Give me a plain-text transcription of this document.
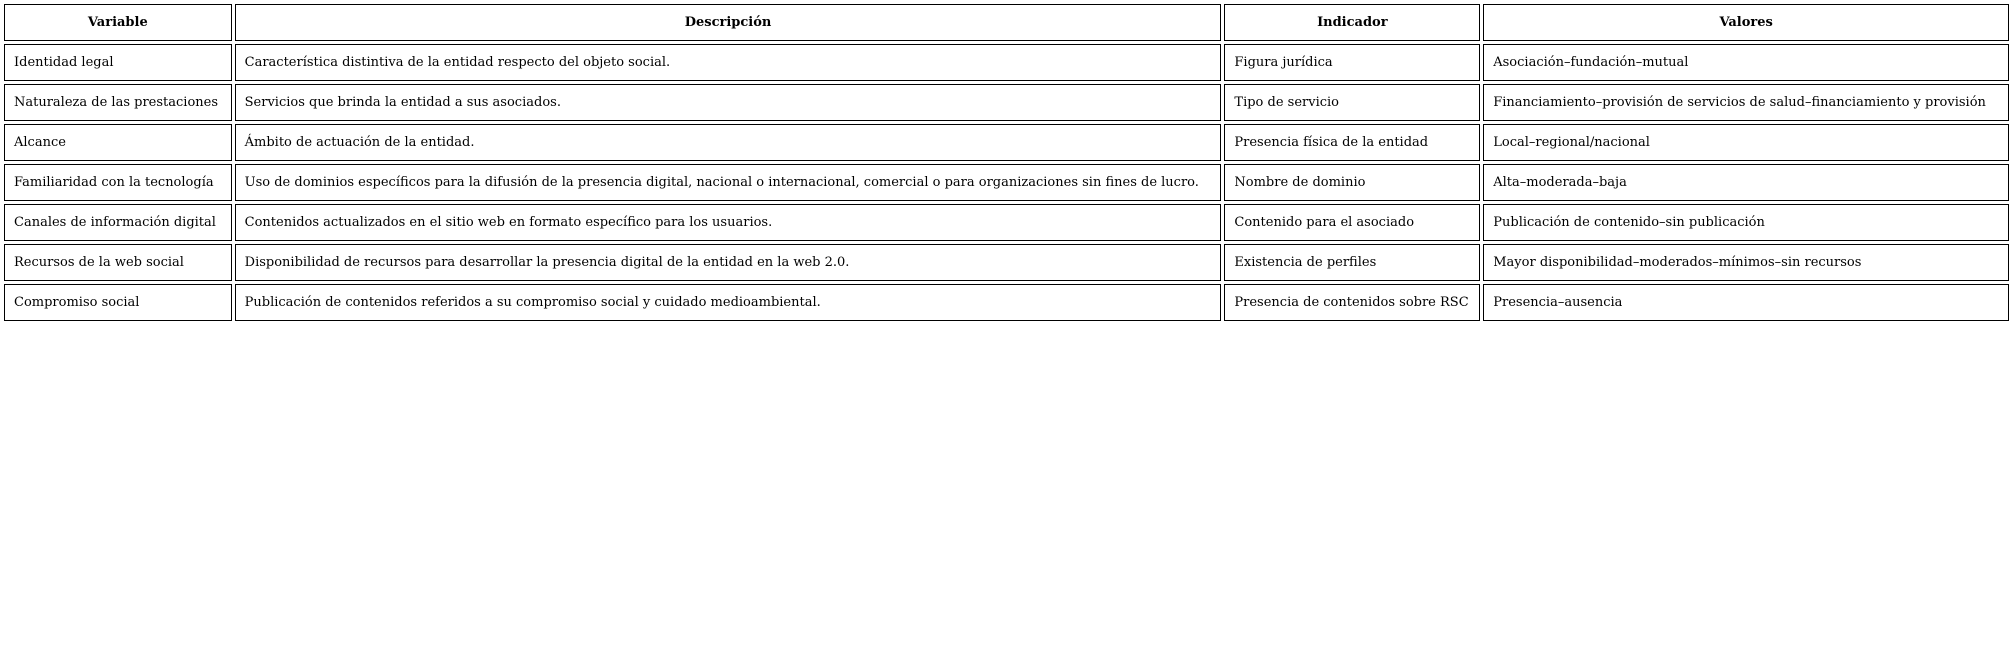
Variable	Descripción	Indicador	Valores
Identidad legal	Característica distintiva de la entidad respecto del objeto social.	Figura jurídica	Asociación–fundación–mutual
Naturaleza de las prestaciones	Servicios que brinda la entidad a sus asociados.	Tipo de servicio	Financiamiento–provisión de servicios de salud–financiamiento y provisión
Alcance	Ámbito de actuación de la entidad.	Presencia física de la entidad	Local–regional/nacional
Familiaridad con la tecnología	Uso de dominios específicos para la difusión de la presencia digital, nacional o internacional, comercial o para organizaciones sin fines de lucro.	Nombre de dominio	Alta–moderada–baja
Canales de información digital	Contenidos actualizados en el sitio web en formato específico para los usuarios.	Contenido para el asociado	Publicación de contenido–sin publicación
Recursos de la web social	Disponibilidad de recursos para desarrollar la presencia digital de la entidad en la web 2.0.	Existencia de perfiles	Mayor disponibilidad–moderados–mínimos–sin recursos
Compromiso social	Publicación de contenidos referidos a su compromiso social y cuidado medioambiental.	Presencia de contenidos sobre RSC	Presencia–ausencia
